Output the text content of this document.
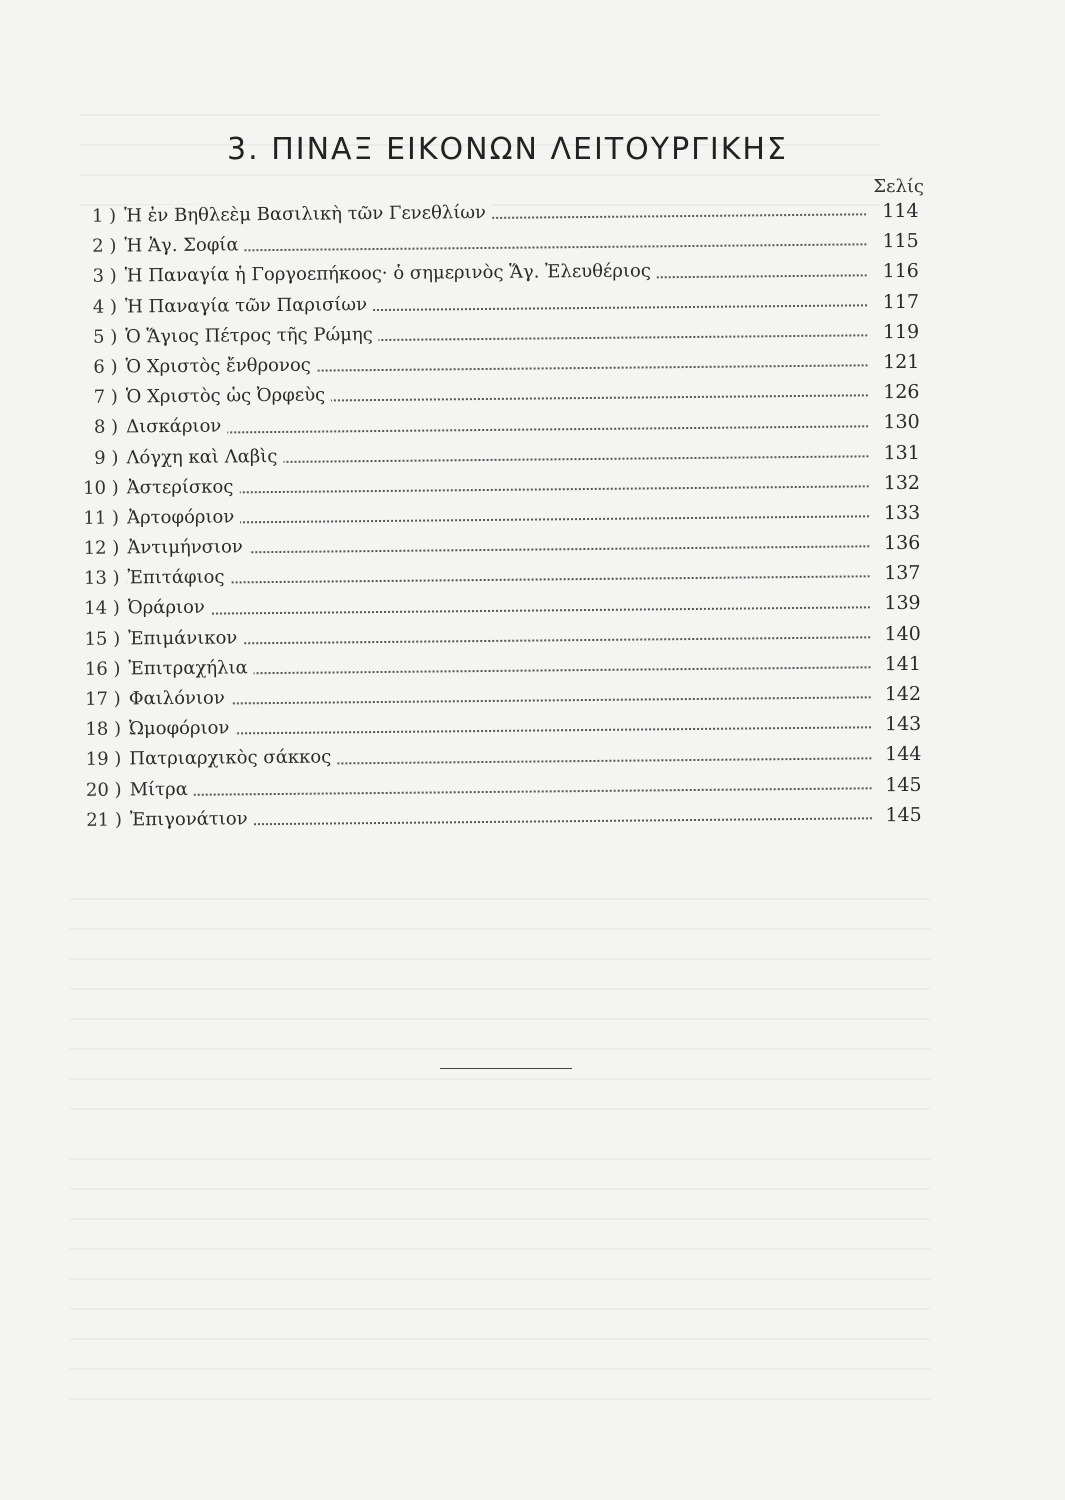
3. ΠΙΝΑΞ ΕΙΚΟΝΩΝ ΛΕΙΤΟΥΡΓΙΚΗΣ
Σελίς
1 ) Ἡ ἐν Βηθλεὲμ Βασιλικὴ τῶν Γενεθλίων
2 ) Ἡ Ἁγ. Σοφία
3 ) Ἡ Παναγία ἡ Γοργοεπήκοος· ὁ σημερινὸς Ἅγ. Ἐλευθέριος
4 ) Ἡ Παναγία τῶν Παρισίων
5 ) Ὁ Ἅγιος Πέτρος τῆς Ρώμης
6 ) Ὁ Χριστὸς ἔνθρονος
7 ) Ὁ Χριστὸς ὡς Ὀρφεὺς
8 ) Δισκάριον
9 ) Λόγχη καὶ Λαβὶς
10 ) Ἀστερίσκος
11 ) Ἀρτοφόριον
12 ) Ἀντιμήνσιον
13 ) Ἐπιτάφιος
14 ) Ὀράριον
15 ) Ἐπιμάνικον
16 ) Ἐπιτραχήλια
17 ) Φαιλόνιον
18 ) Ὠμοφόριον
19 ) Πατριαρχικὸς σάκκος
20 ) Μίτρα
21 ) Ἐπιγονάτιον
114
115
116
117
119
121
126
130
131
132
133
136
137
139
140
141
142
143
144
145
145
